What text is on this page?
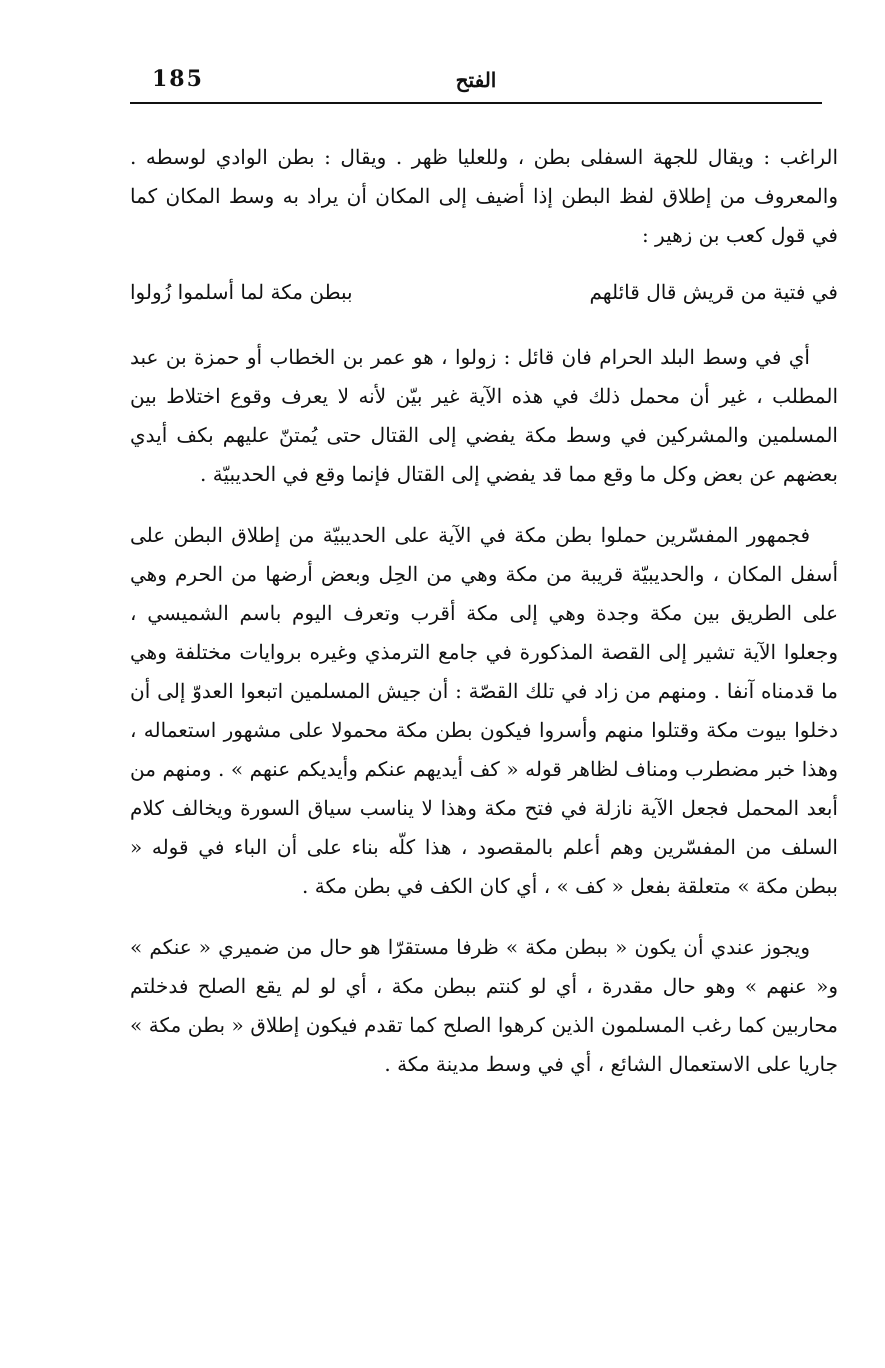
185	الفتح

الراغب : ويقال للجهة السفلى بطن ، وللعليا ظهر . ويقال : بطن الوادي لوسطه . والمعروف من إطلاق لفظ البطن إذا أضيف إلى المكان أن يراد به وسط المكان كما في قول كعب بن زهير :

في فتية من قريش قال قائلهم
ببطن مكة لما أسلموا زُولوا

أي في وسط البلد الحرام فان قائل : زولوا ، هو عمر بن الخطاب أو حمزة بن عبد المطلب ، غير أن محمل ذلك في هذه الآية غير بيّن لأنه لا يعرف وقوع اختلاط بين المسلمين والمشركين في وسط مكة يفضي إلى القتال حتى يُمتنّ عليهم بكف أيدي بعضهم عن بعض وكل ما وقع مما قد يفضي إلى القتال فإنما وقع في الحديبيّة .

فجمهور المفسّرين حملوا بطن مكة في الآية على الحديبيّة من إطلاق البطن على أسفل المكان ، والحديبيّة قريبة من مكة وهي من الحِل وبعض أرضها من الحرم وهي على الطريق بين مكة وجدة وهي إلى مكة أقرب وتعرف اليوم باسم الشميسي ، وجعلوا الآية تشير إلى القصة المذكورة في جامع الترمذي وغيره بروايات مختلفة وهي ما قدمناه آنفا . ومنهم من زاد في تلك القصّة : أن جيش المسلمين اتبعوا العدوّ إلى أن دخلوا بيوت مكة وقتلوا منهم وأسروا فيكون بطن مكة محمولا على مشهور استعماله ، وهذا خبر مضطرب ومناف لظاهر قوله « كف أيديهم عنكم وأيديكم عنهم » . ومنهم من أبعد المحمل فجعل الآية نازلة في فتح مكة وهذا لا يناسب سياق السورة ويخالف كلام السلف من المفسّرين وهم أعلم بالمقصود ، هذا كلّه بناء على أن الباء في قوله « ببطن مكة » متعلقة بفعل « كف » ، أي كان الكف في بطن مكة .

ويجوز عندي أن يكون « ببطن مكة » ظرفا مستقرّا هو حال من ضميري « عنكم » و« عنهم » وهو حال مقدرة ، أي لو كنتم ببطن مكة ، أي لو لم يقع الصلح فدخلتم محاربين كما رغب المسلمون الذين كرهوا الصلح كما تقدم فيكون إطلاق « بطن مكة » جاريا على الاستعمال الشائع ، أي في وسط مدينة مكة .
